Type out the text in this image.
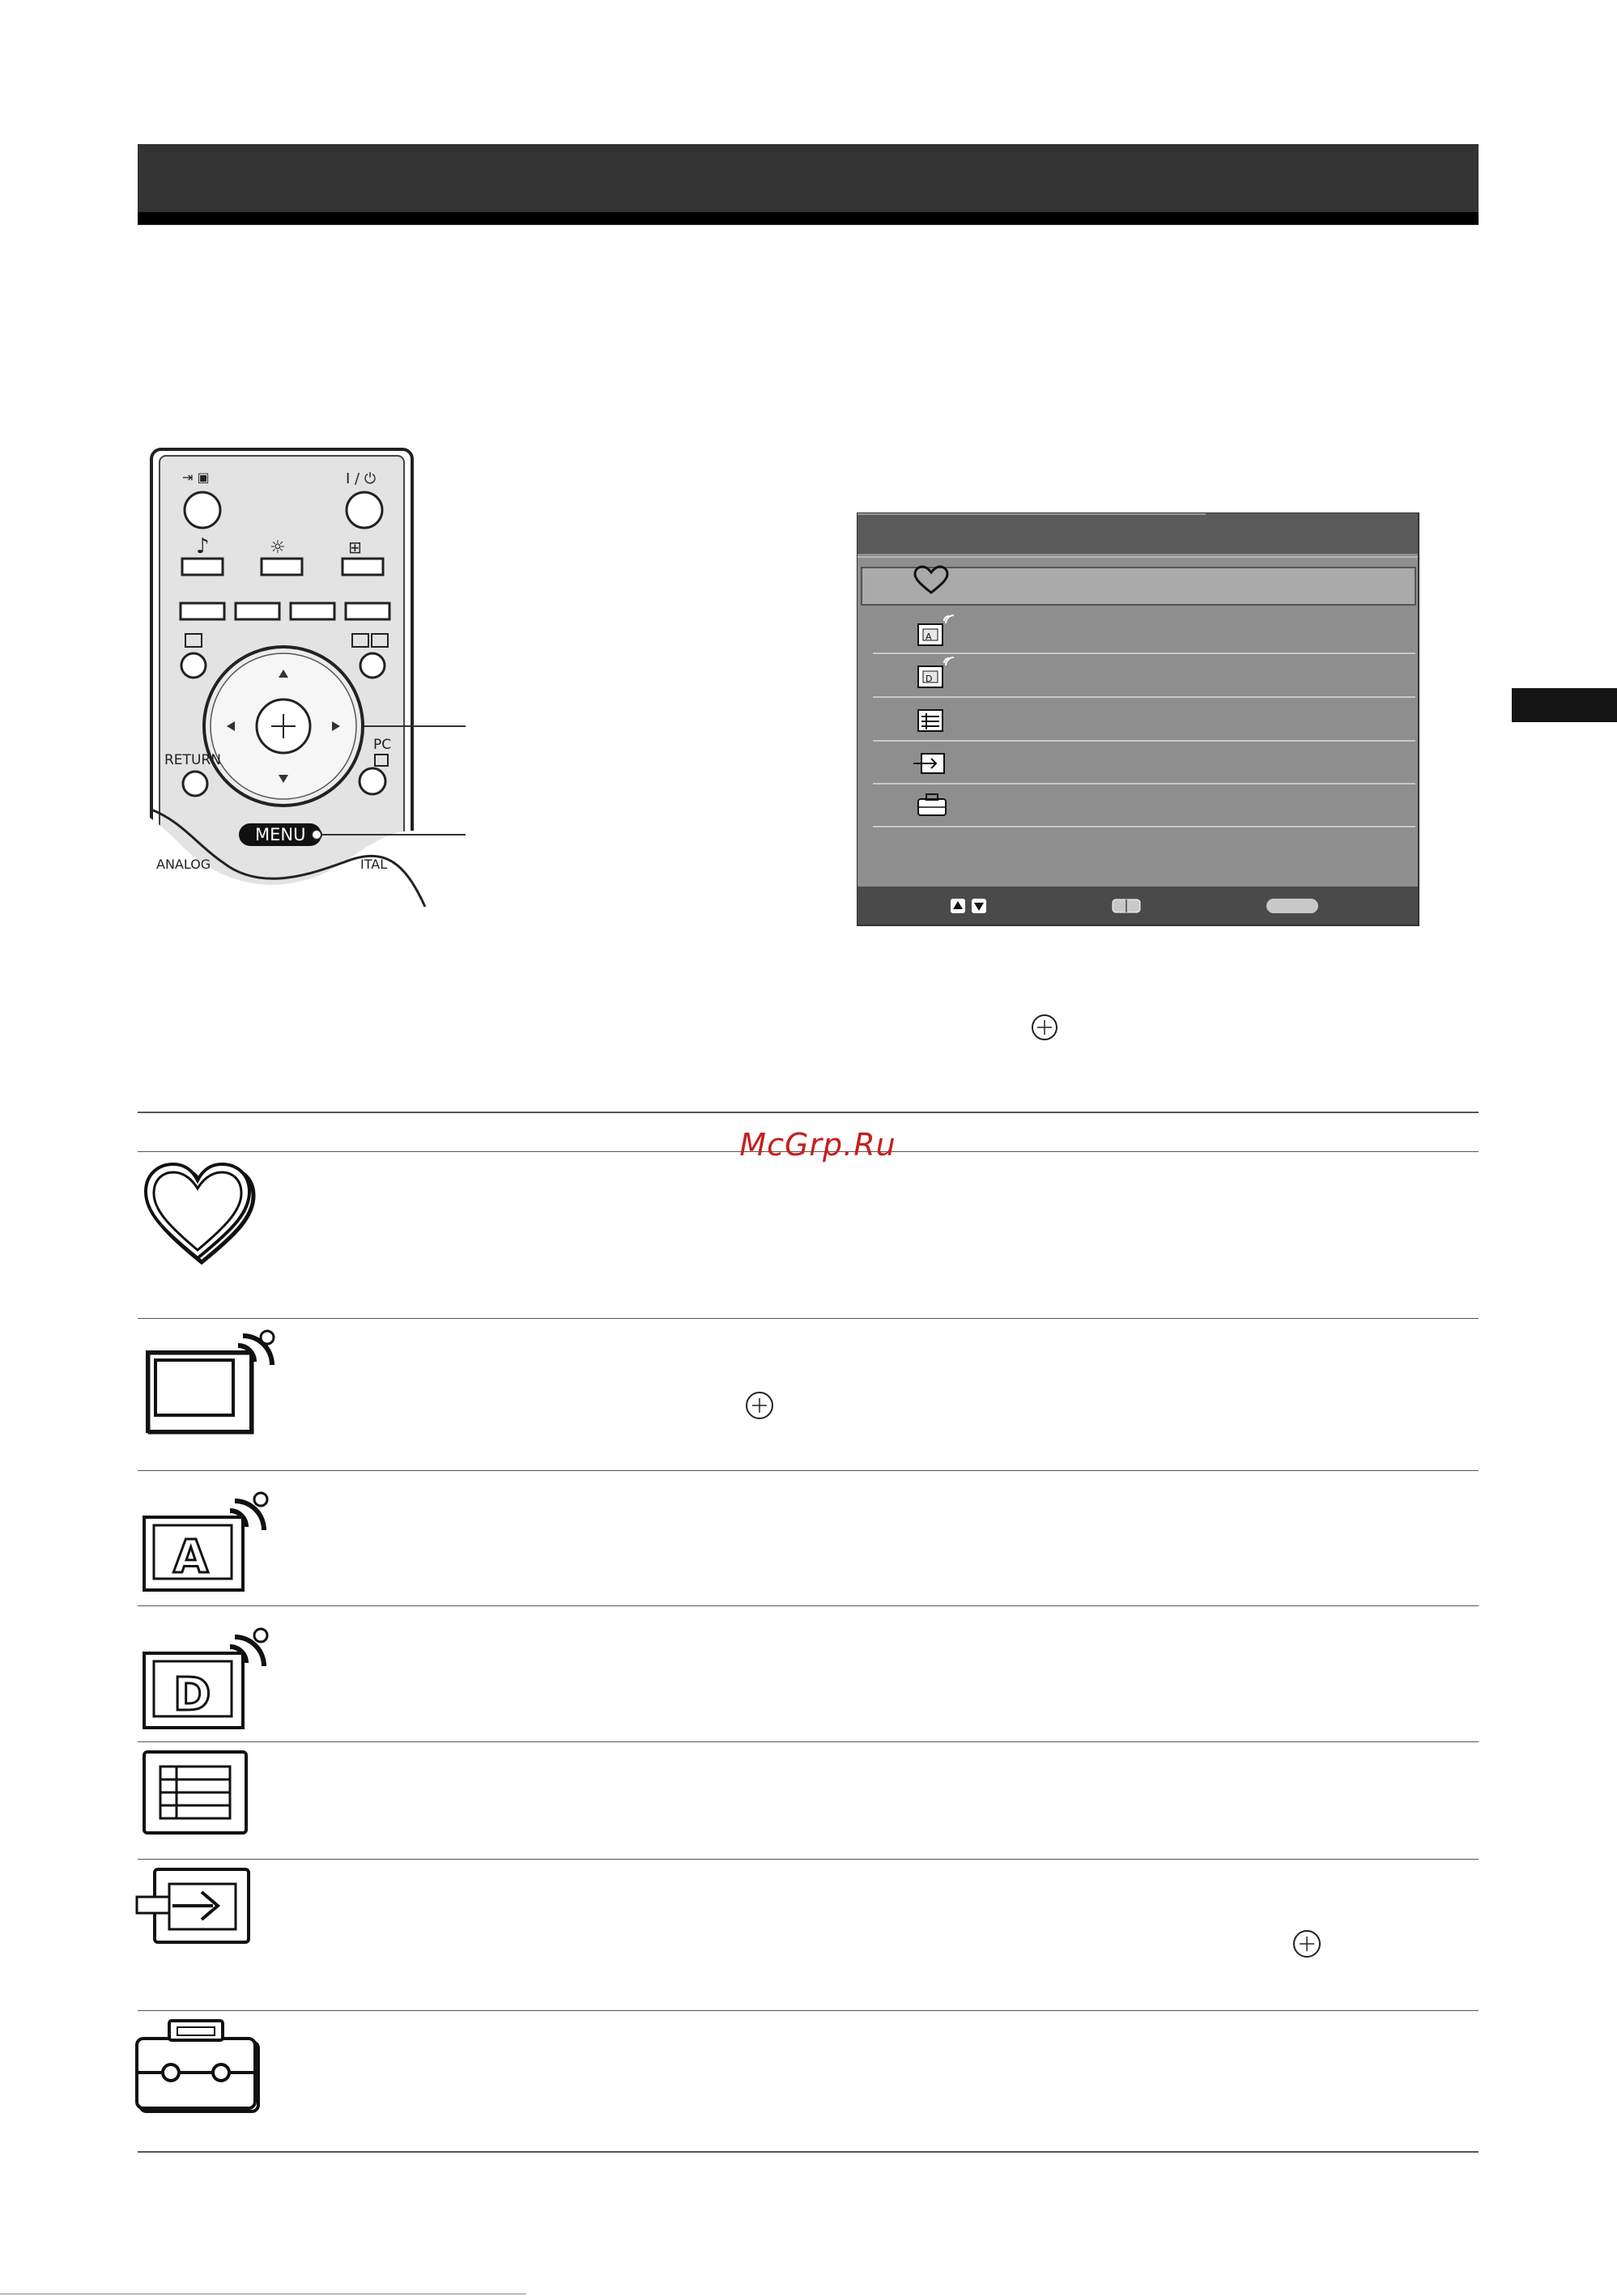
⇥ ▣	I / ⏻
♪	☼	⊞
RETURN
PC
MENU
ANALOG	ITAL
A
D
McGrp.Ru
A
D
